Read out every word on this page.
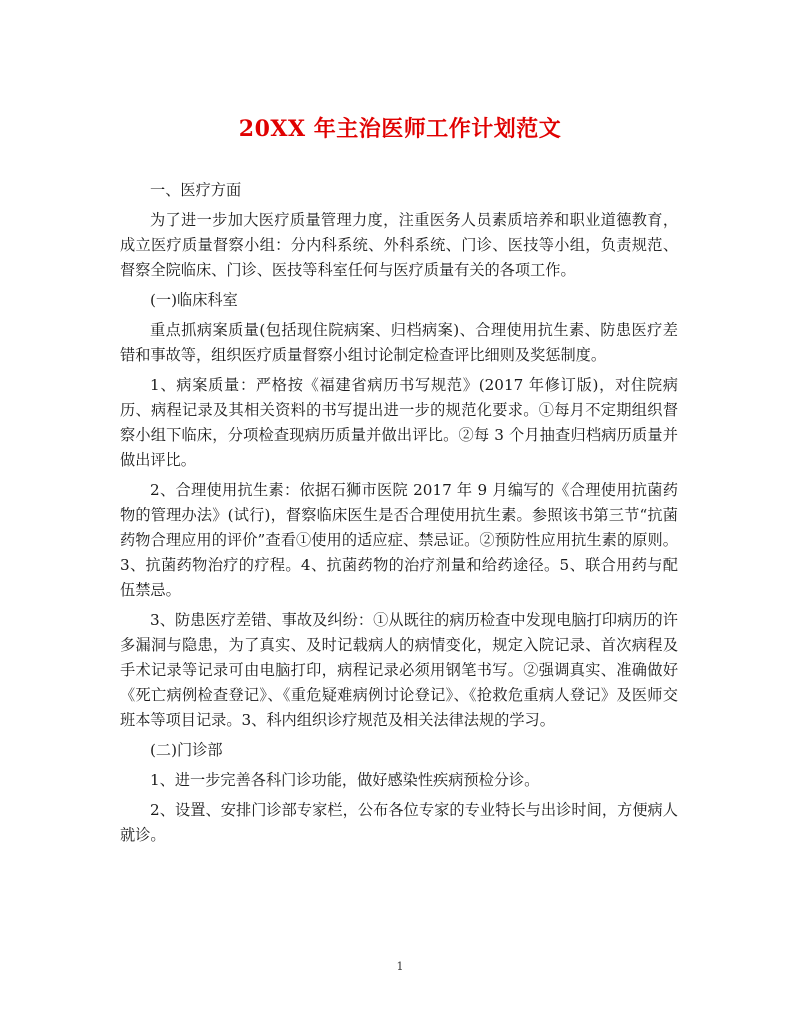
20XX 年主治医师工作计划范文

一、医疗方面

为了进一步加大医疗质量管理力度，注重医务人员素质培养和职业道德教育，成立医疗质量督察小组：分内科系统、外科系统、门诊、医技等小组，负责规范、督察全院临床、门诊、医技等科室任何与医疗质量有关的各项工作。

(一)临床科室

重点抓病案质量(包括现住院病案、归档病案)、合理使用抗生素、防患医疗差错和事故等，组织医疗质量督察小组讨论制定检查评比细则及奖惩制度。

1、病案质量：严格按《福建省病历书写规范》(2017 年修订版)，对住院病历、病程记录及其相关资料的书写提出进一步的规范化要求。①每月不定期组织督察小组下临床，分项检查现病历质量并做出评比。②每 3 个月抽查归档病历质量并做出评比。

2、合理使用抗生素：依据石狮市医院 2017 年 9 月编写的《合理使用抗菌药物的管理办法》(试行)，督察临床医生是否合理使用抗生素。参照该书第三节“抗菌药物合理应用的评价”查看①使用的适应症、禁忌证。②预防性应用抗生素的原则。3、抗菌药物治疗的疗程。4、抗菌药物的治疗剂量和给药途径。5、联合用药与配伍禁忌。

3、防患医疗差错、事故及纠纷：①从既往的病历检查中发现电脑打印病历的许多漏洞与隐患，为了真实、及时记载病人的病情变化，规定入院记录、首次病程及手术记录等记录可由电脑打印，病程记录必须用钢笔书写。②强调真实、准确做好《死亡病例检查登记》、《重危疑难病例讨论登记》、《抢救危重病人登记》及医师交班本等项目记录。3、科内组织诊疗规范及相关法律法规的学习。

(二)门诊部

1、进一步完善各科门诊功能，做好感染性疾病预检分诊。

2、设置、安排门诊部专家栏，公布各位专家的专业特长与出诊时间，方便病人就诊。

1
